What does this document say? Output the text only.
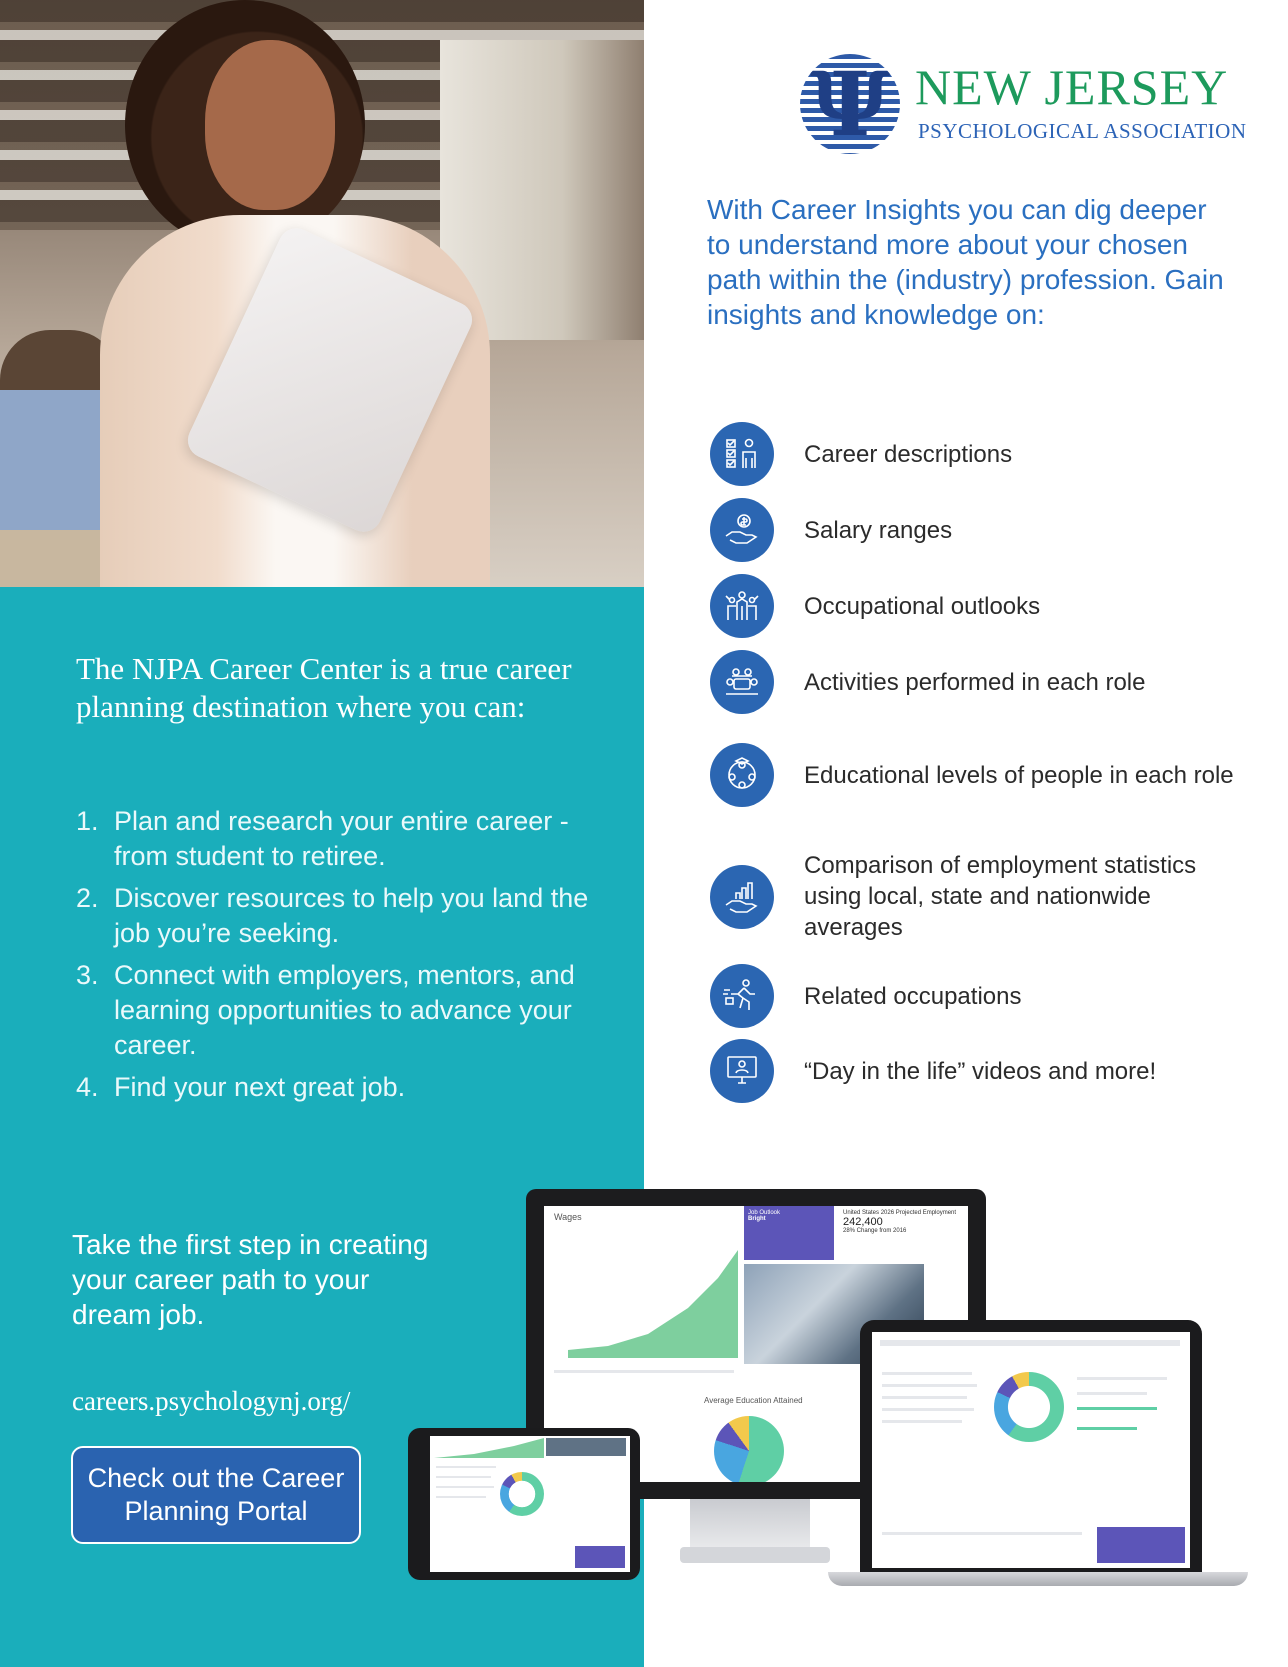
Ψ NEW JERSEY
PSYCHOLOGICAL ASSOCIATION
With Career Insights you can dig deeper to understand more about your chosen path within the (industry) profession. Gain insights and knowledge on:
Career descriptions
Salary ranges
Occupational outlooks
Activities performed in each role
Educational levels of people in each role
Comparison of employment statistics using local, state and nationwide averages
Related occupations
“Day in the life” videos and more!
The NJPA Career Center is a true career planning destination where you can:
1. Plan and research your entire career - from student to retiree.
2. Discover resources to help you land the job you’re seeking.
3. Connect with employers, mentors, and learning opportunities to advance your career.
4. Find your next great job.
Take the first step in creating your career path to your dream job.
careers.psychologynj.org/
Check out the Career Planning Portal
Wages	Job Outlook
Bright
United States 2026 Projected Employment
242,400
28% Change from 2016
Average Education Attained
